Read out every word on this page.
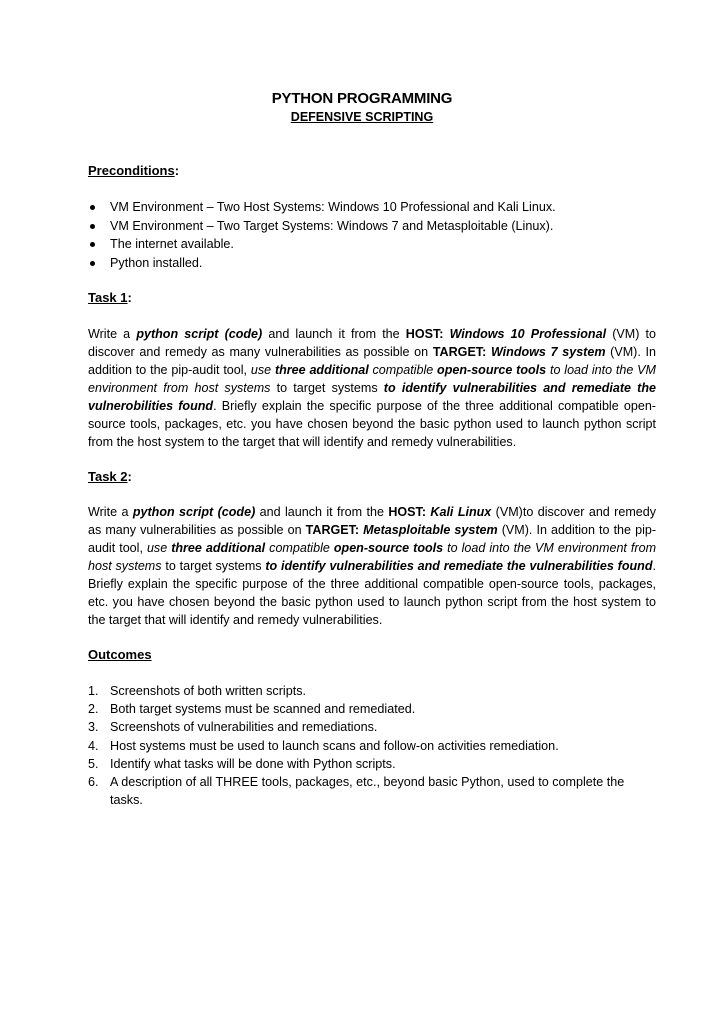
PYTHON PROGRAMMING
DEFENSIVE SCRIPTING
Preconditions:
VM Environment – Two Host Systems: Windows 10 Professional and Kali Linux.
VM Environment – Two Target Systems: Windows 7 and Metasploitable (Linux).
The internet available.
Python installed.
Task 1:
Write a python script (code) and launch it from the HOST: Windows 10 Professional (VM) to discover and remedy as many vulnerabilities as possible on TARGET: Windows 7 system (VM). In addition to the pip-audit tool, use three additional compatible open-source tools to load into the VM environment from host systems to target systems to identify vulnerabilities and remediate the vulnerobilities found. Briefly explain the specific purpose of the three additional compatible open-source tools, packages, etc. you have chosen beyond the basic python used to launch python script from the host system to the target that will identify and remedy vulnerabilities.
Task 2:
Write a python script (code) and launch it from the HOST: Kali Linux (VM)to discover and remedy as many vulnerabilities as possible on TARGET: Metasploitable system (VM). In addition to the pip-audit tool, use three additional compatible open-source tools to load into the VM environment from host systems to target systems to identify vulnerabilities and remediate the vulnerabilities found. Briefly explain the specific purpose of the three additional compatible open-source tools, packages, etc. you have chosen beyond the basic python used to launch python script from the host system to the target that will identify and remedy vulnerabilities.
Outcomes
1. Screenshots of both written scripts.
2. Both target systems must be scanned and remediated.
3. Screenshots of vulnerabilities and remediations.
4. Host systems must be used to launch scans and follow-on activities remediation.
5. Identify what tasks will be done with Python scripts.
6. A description of all THREE tools, packages, etc., beyond basic Python, used to complete the tasks.
